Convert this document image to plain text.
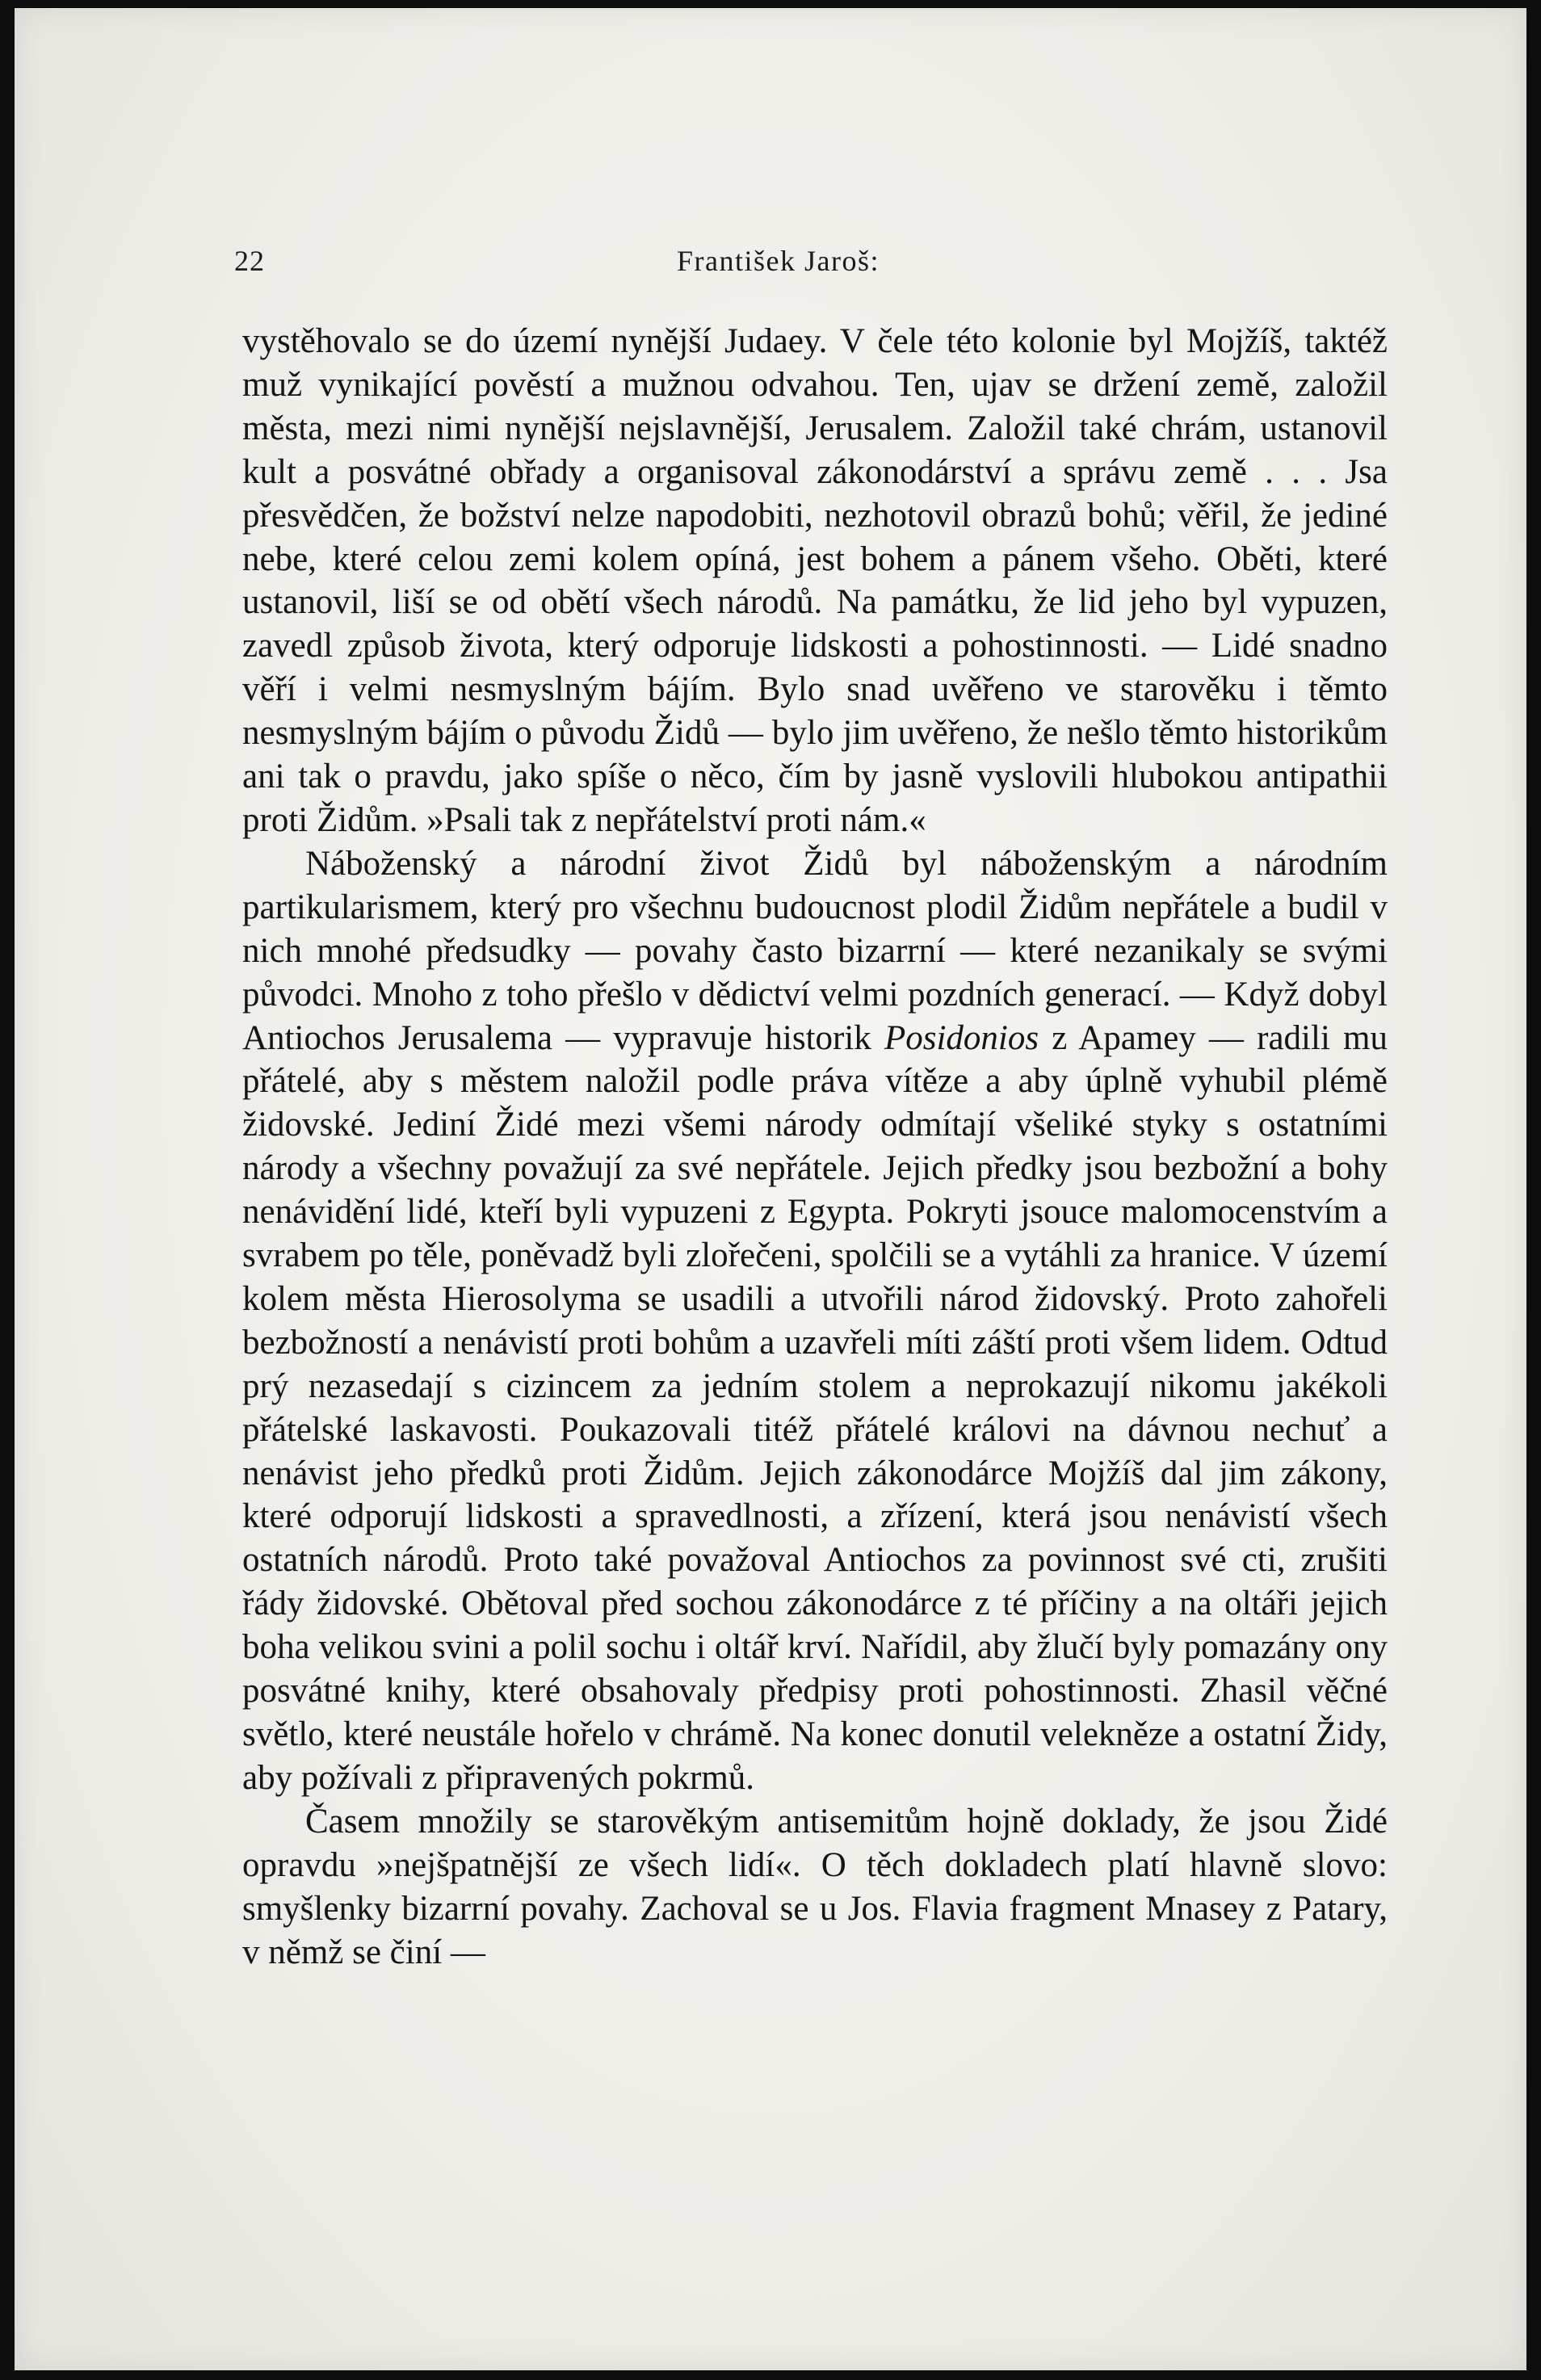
22	František Jaroš:

vystěhovalo se do území nynější Judaey. V čele této kolonie byl Mojžíš, taktéž muž vynikající pověstí a mužnou odvahou. Ten, ujav se držení země, založil města, mezi nimi nynější nejslavnější, Jerusalem. Založil také chrám, ustanovil kult a posvátné obřady a organisoval zákonodárství a správu země . . . Jsa přesvědčen, že božství nelze napodobiti, nezhotovil obrazů bohů; věřil, že jediné nebe, které celou zemi kolem opíná, jest bohem a pánem všeho. Oběti, které ustanovil, liší se od obětí všech národů. Na památku, že lid jeho byl vypuzen, zavedl způsob života, který odporuje lidskosti a pohostinnosti. — Lidé snadno věří i velmi nesmyslným bájím. Bylo snad uvěřeno ve starověku i těmto nesmyslným bájím o původu Židů — bylo jim uvěřeno, že nešlo těmto historikům ani tak o pravdu, jako spíše o něco, čím by jasně vyslovili hlubokou antipathii proti Židům. »Psali tak z nepřátelství proti nám.«

Náboženský a národní život Židů byl náboženským a národním partikularismem, který pro všechnu budoucnost plodil Židům nepřátele a budil v nich mnohé předsudky — povahy často bizarrní — které nezanikaly se svými původci. Mnoho z toho přešlo v dědictví velmi pozdních generací. — Když dobyl Antiochos Jerusalema — vypravuje historik Posidonios z Apamey — radili mu přátelé, aby s městem naložil podle práva vítěze a aby úplně vyhubil plémě židovské. Jediní Židé mezi všemi národy odmítají všeliké styky s ostatními národy a všechny považují za své nepřátele. Jejich předky jsou bezbožní a bohy nenávidění lidé, kteří byli vypuzeni z Egypta. Pokryti jsouce malomocenstvím a svrabem po těle, poněvadž byli zlořečeni, spolčili se a vytáhli za hranice. V území kolem města Hierosolyma se usadili a utvořili národ židovský. Proto zahořeli bezbožností a nenávistí proti bohům a uzavřeli míti záští proti všem lidem. Odtud prý nezasedají s cizincem za jedním stolem a neprokazují nikomu jakékoli přátelské laskavosti. Poukazovali titéž přátelé královi na dávnou nechuť a nenávist jeho předků proti Židům. Jejich zákonodárce Mojžíš dal jim zákony, které odporují lidskosti a spravedlnosti, a zřízení, která jsou nenávistí všech ostatních národů. Proto také považoval Antiochos za povinnost své cti, zrušiti řády židovské. Obětoval před sochou zákonodárce z té příčiny a na oltáři jejich boha velikou svini a polil sochu i oltář krví. Nařídil, aby žlučí byly pomazány ony posvátné knihy, které obsahovaly předpisy proti pohostinnosti. Zhasil věčné světlo, které neustále hořelo v chrámě. Na konec donutil velekněze a ostatní Židy, aby požívali z připravených pokrmů.

Časem množily se starověkým antisemitům hojně doklady, že jsou Židé opravdu »nejšpatnější ze všech lidí«. O těch dokladech platí hlavně slovo: smyšlenky bizarrní povahy. Zachoval se u Jos. Flavia fragment Mnasey z Patary, v němž se činí —
